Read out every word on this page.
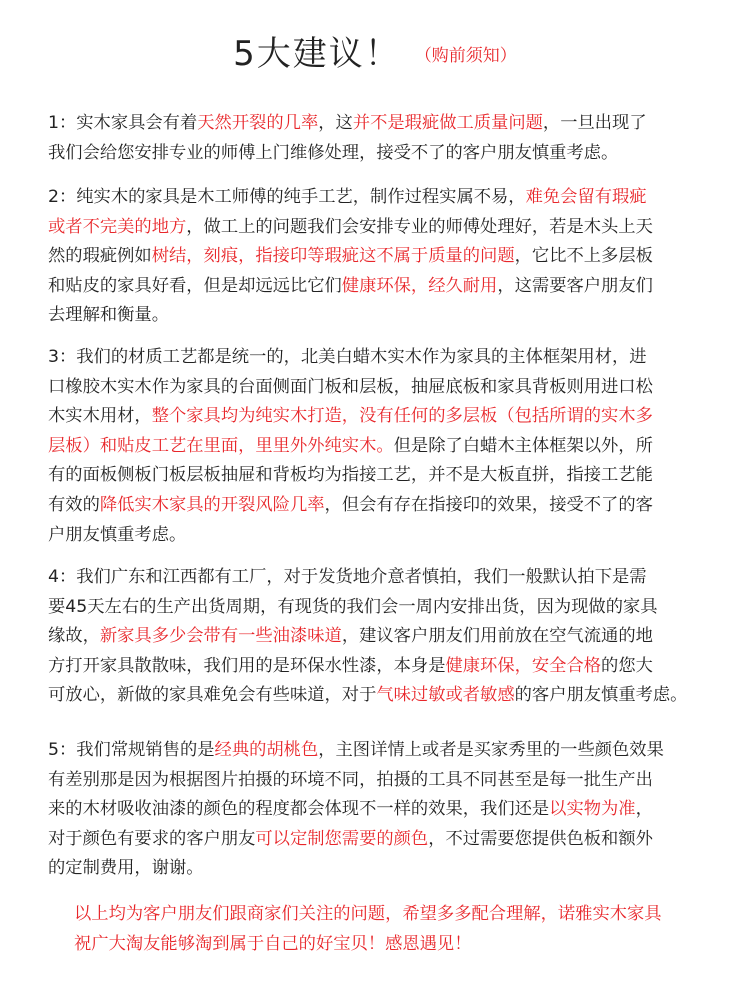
5大建议！ （购前须知）

1：实木家具会有着天然开裂的几率，这并不是瑕疵做工质量问题，一旦出现了
我们会给您安排专业的师傅上门维修处理，接受不了的客户朋友慎重考虑。

2：纯实木的家具是木工师傅的纯手工艺，制作过程实属不易，难免会留有瑕疵
或者不完美的地方，做工上的问题我们会安排专业的师傅处理好，若是木头上天
然的瑕疵例如树结，刻痕，指接印等瑕疵这不属于质量的问题，它比不上多层板
和贴皮的家具好看，但是却远远比它们健康环保，经久耐用，这需要客户朋友们
去理解和衡量。

3：我们的材质工艺都是统一的，北美白蜡木实木作为家具的主体框架用材，进
口橡胶木实木作为家具的台面侧面门板和层板，抽屉底板和家具背板则用进口松
木实木用材，整个家具均为纯实木打造，没有任何的多层板（包括所谓的实木多
层板）和贴皮工艺在里面，里里外外纯实木。但是除了白蜡木主体框架以外，所
有的面板侧板门板层板抽屉和背板均为指接工艺，并不是大板直拼，指接工艺能
有效的降低实木家具的开裂风险几率，但会有存在指接印的效果，接受不了的客
户朋友慎重考虑。

4：我们广东和江西都有工厂，对于发货地介意者慎拍，我们一般默认拍下是需
要45天左右的生产出货周期，有现货的我们会一周内安排出货，因为现做的家具
缘故，新家具多少会带有一些油漆味道，建议客户朋友们用前放在空气流通的地
方打开家具散散味，我们用的是环保水性漆，本身是健康环保，安全合格的您大
可放心，新做的家具难免会有些味道，对于气味过敏或者敏感的客户朋友慎重考虑。

5：我们常规销售的是经典的胡桃色，主图详情上或者是买家秀里的一些颜色效果
有差别那是因为根据图片拍摄的环境不同，拍摄的工具不同甚至是每一批生产出
来的木材吸收油漆的颜色的程度都会体现不一样的效果，我们还是以实物为准，
对于颜色有要求的客户朋友可以定制您需要的颜色，不过需要您提供色板和额外
的定制费用，谢谢。

以上均为客户朋友们跟商家们关注的问题，希望多多配合理解，诺雅实木家具
祝广大淘友能够淘到属于自己的好宝贝！感恩遇见！
